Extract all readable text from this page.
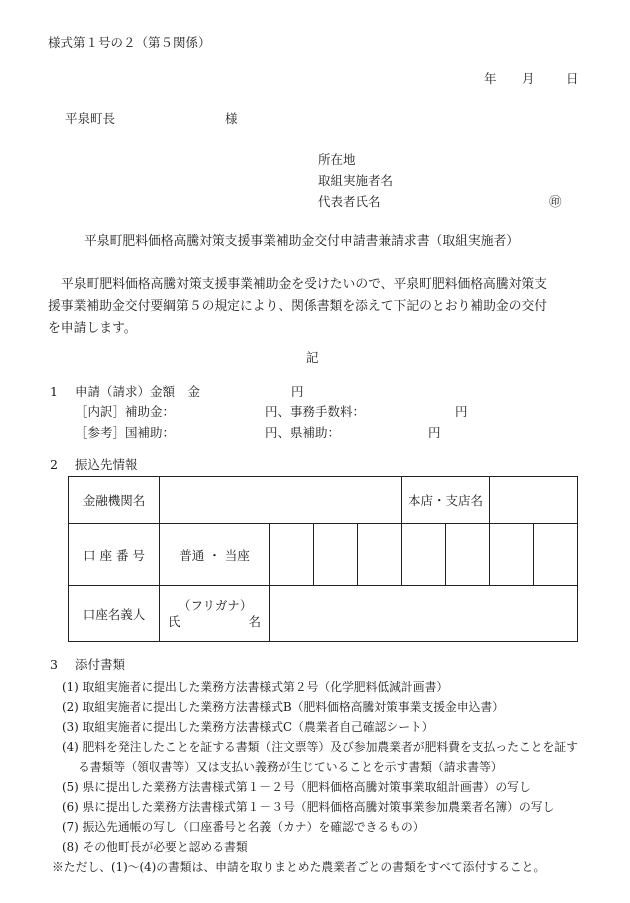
様式第１号の２（第５関係）
年 月	日
平泉町長	様
所在地
取組実施者名
代表者氏名	㊞
平泉町肥料価格高騰対策支援事業補助金交付申請書兼請求書（取組実施者）
平泉町肥料価格高騰対策支援事業補助金を受けたいので、平泉町肥料価格高騰対策支
援事業補助金交付要綱第５の規定により、関係書類を添えて下記のとおり補助金の交付
を申請します。
記
1 申請（請求）金額　金	円
［内訳］補助金：	円、事務手数料：	円
［参考］国補助：	円、県補助：	円
2 振込先情報
金融機関名					本店・支店名			
口 座 番 号	普通 ・ 当座							
口座名義人	（フリガナ）
氏 名							

3 添付書類
(1) 取組実施者に提出した業務方法書様式第２号（化学肥料低減計画書）
(2) 取組実施者に提出した業務方法書様式B（肥料価格高騰対策事業支援金申込書）
(3) 取組実施者に提出した業務方法書様式C（農業者自己確認シート）
(4) 肥料を発注したことを証する書類（注文票等）及び参加農業者が肥料費を支払ったことを証す
る書類等（領収書等）又は支払い義務が生じていることを示す書類（請求書等）
(5) 県に提出した業務方法書様式第１－２号（肥料価格高騰対策事業取組計画書）の写し
(6) 県に提出した業務方法書様式第１－３号（肥料価格高騰対策事業参加農業者名簿）の写し
(7) 振込先通帳の写し（口座番号と名義（カナ）を確認できるもの）
(8) その他町長が必要と認める書類
※ただし、(1)～(4)の書類は、申請を取りまとめた農業者ごとの書類をすべて添付すること。
